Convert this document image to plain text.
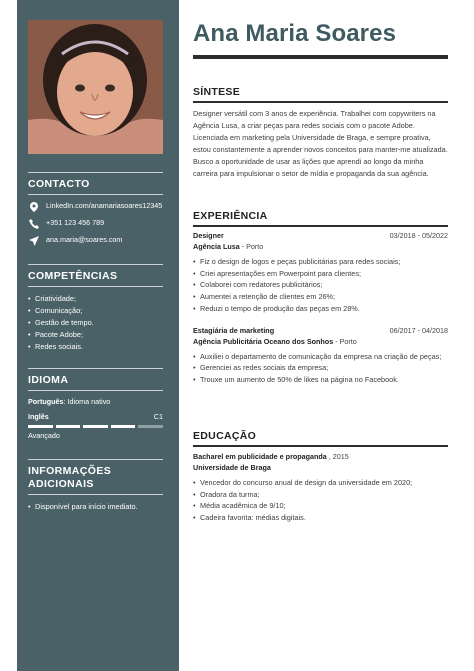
CONTACTO
LinkedIn.com/anamariasoares12345
+351 123 456 789
ana.maria@soares.com
COMPETÊNCIAS
• Criatividade;
• Comunicação;
• Gestão de tempo.
• Pacote Adobe;
• Redes sociais.
IDIOMA
Português: Idioma nativo
Inglês	C1
Avançado
INFORMAÇÕES ADICIONAIS
• Disponível para início imediato.
Ana Maria Soares
SÍNTESE

Designer versátil com 3 anos de experiência. Trabalhei com copywriters na Agência Lusa, a criar peças para redes sociais com o pacote Adobe. Licenciada em marketing pela Universidade de Braga, e sempre proativa, estou constantemente a aprender novos conceitos para manter-me atualizada. Busco a oportunidade de usar as lições que aprendi ao longo da minha carreira para impulsionar o setor de mídia e propaganda da sua agência.

EXPERIÊNCIA
Designer	03/2018 - 05/2022
Agência Lusa - Porto
• Fiz o design de logos e peças publicitárias para redes sociais;
• Criei apresentações em Powerpoint para clientes;
• Colaborei com redatores publicitários;
• Aumentei a retenção de clientes em 26%;
• Reduzi o tempo de produção das peças em 28%.
Estagiária de marketing	06/2017 - 04/2018
Agência Publicitária Oceano dos Sonhos - Porto
• Auxiliei o departamento de comunicação da empresa na criação de peças;
• Gerenciei as redes sociais da empresa;
• Trouxe um aumento de 50% de likes na página no Facebook.
EDUCAÇÃO
Bacharel em publicidade e propaganda , 2015
Universidade de Braga
• Vencedor do concurso anual de design da universidade em 2020;
• Oradora da turma;
• Média acadêmica de 9/10;
• Cadeira favorita: médias digitais.
